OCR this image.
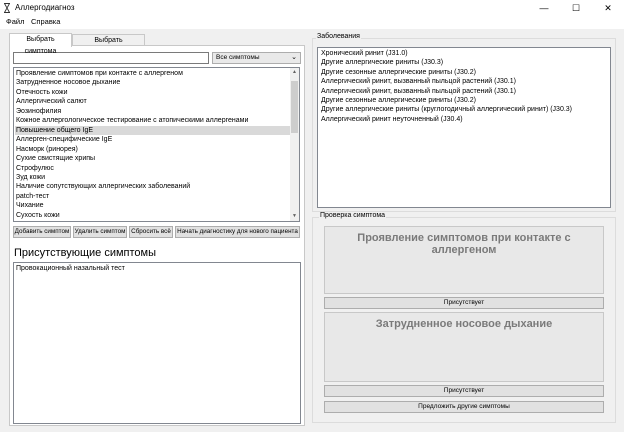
Аллергодиагноз	—	☐	✕
Файл Справка
Выбрать симптома
Выбрать
Все симптомы	⌄
Проявление симптомов при контакте с аллергеном
Затрудненное носовое дыхание
Отечность кожи
Аллергический салют
Эозинофилия
Кожное аллергологическое тестирование с атопическими аллергенами
Повышение общего IgE
Аллерген-специфические IgE
Насморк (ринорея)
Сухие свистящие хрипы
Строфулюс
Зуд кожи
Наличие сопутствующих аллергических заболеваний
patch-тест
Чихание
Сухость кожи
▲
▼
Добавить симптом Удалить симптом Сбросить всё	Начать диагностику для нового пациента
Присутствующие симптомы
Провокационный назальный тест
Заболевания
Хронический ринит (J31.0)
Другие аллергические риниты (J30.3)
Другие сезонные аллергические риниты (J30.2)
Аллергический ринит, вызванный пыльцой растений (J30.1)
Аллергический ринит, вызванный пыльцой растений (J30.1)
Другие сезонные аллергические риниты (J30.2)
Другие аллергические риниты (круглогодичный аллергический ринит) (J30.3)
Аллергический ринит неуточненный (J30.4)
Проверка симптома
Проявление симптомов при контакте с аллергеном
Присутствует
Затрудненное носовое дыхание
Присутствует
Предложить другие симптомы
